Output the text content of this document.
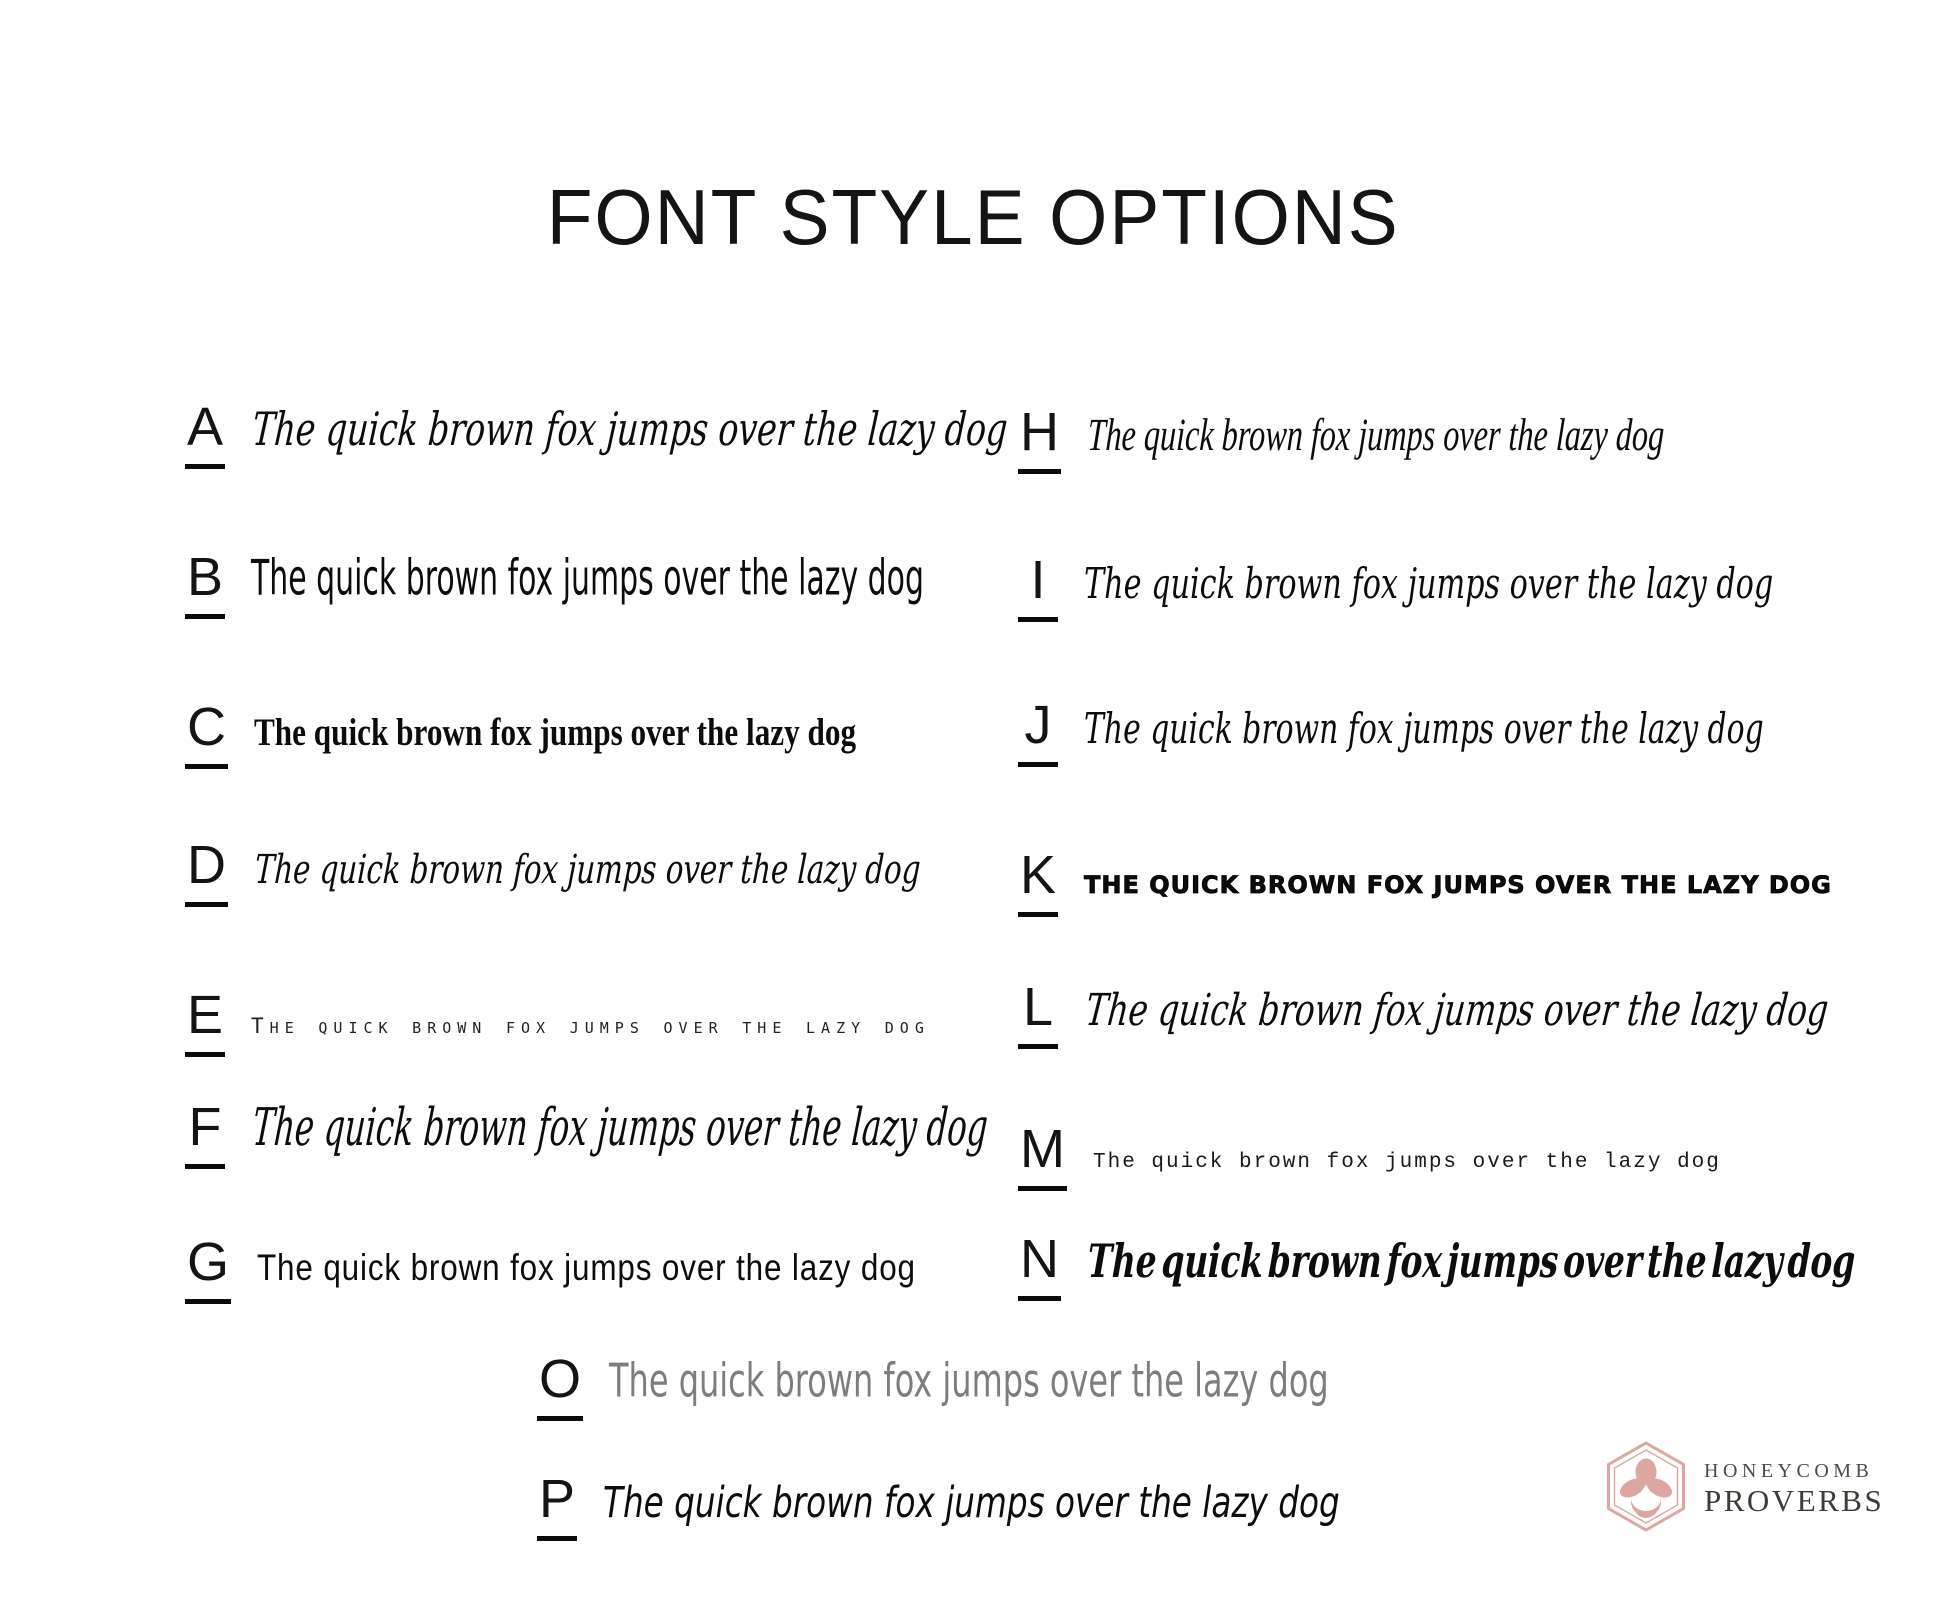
FONT STYLE OPTIONS
A The quick brown fox jumps over the lazy dog
B The quick brown fox jumps over the lazy dog
C The quick brown fox jumps over the lazy dog
D The quick brown fox jumps over the lazy dog
E The quick brown fox jumps over the lazy dog
F The quick brown fox jumps over the lazy dog
G The quick brown fox jumps over the lazy dog
H The quick brown fox jumps over the lazy dog
I The quick brown fox jumps over the lazy dog
J The quick brown fox jumps over the lazy dog
K THE QUICK BROWN FOX JUMPS OVER THE LAZY DOG
L The quick brown fox jumps over the lazy dog
M The quick brown fox jumps over the lazy dog
N The quick brown fox jumps over the lazy dog
O The quick brown fox jumps over the lazy dog
P The quick brown fox jumps over the lazy dog
HONEYCOMB
PROVERBS
